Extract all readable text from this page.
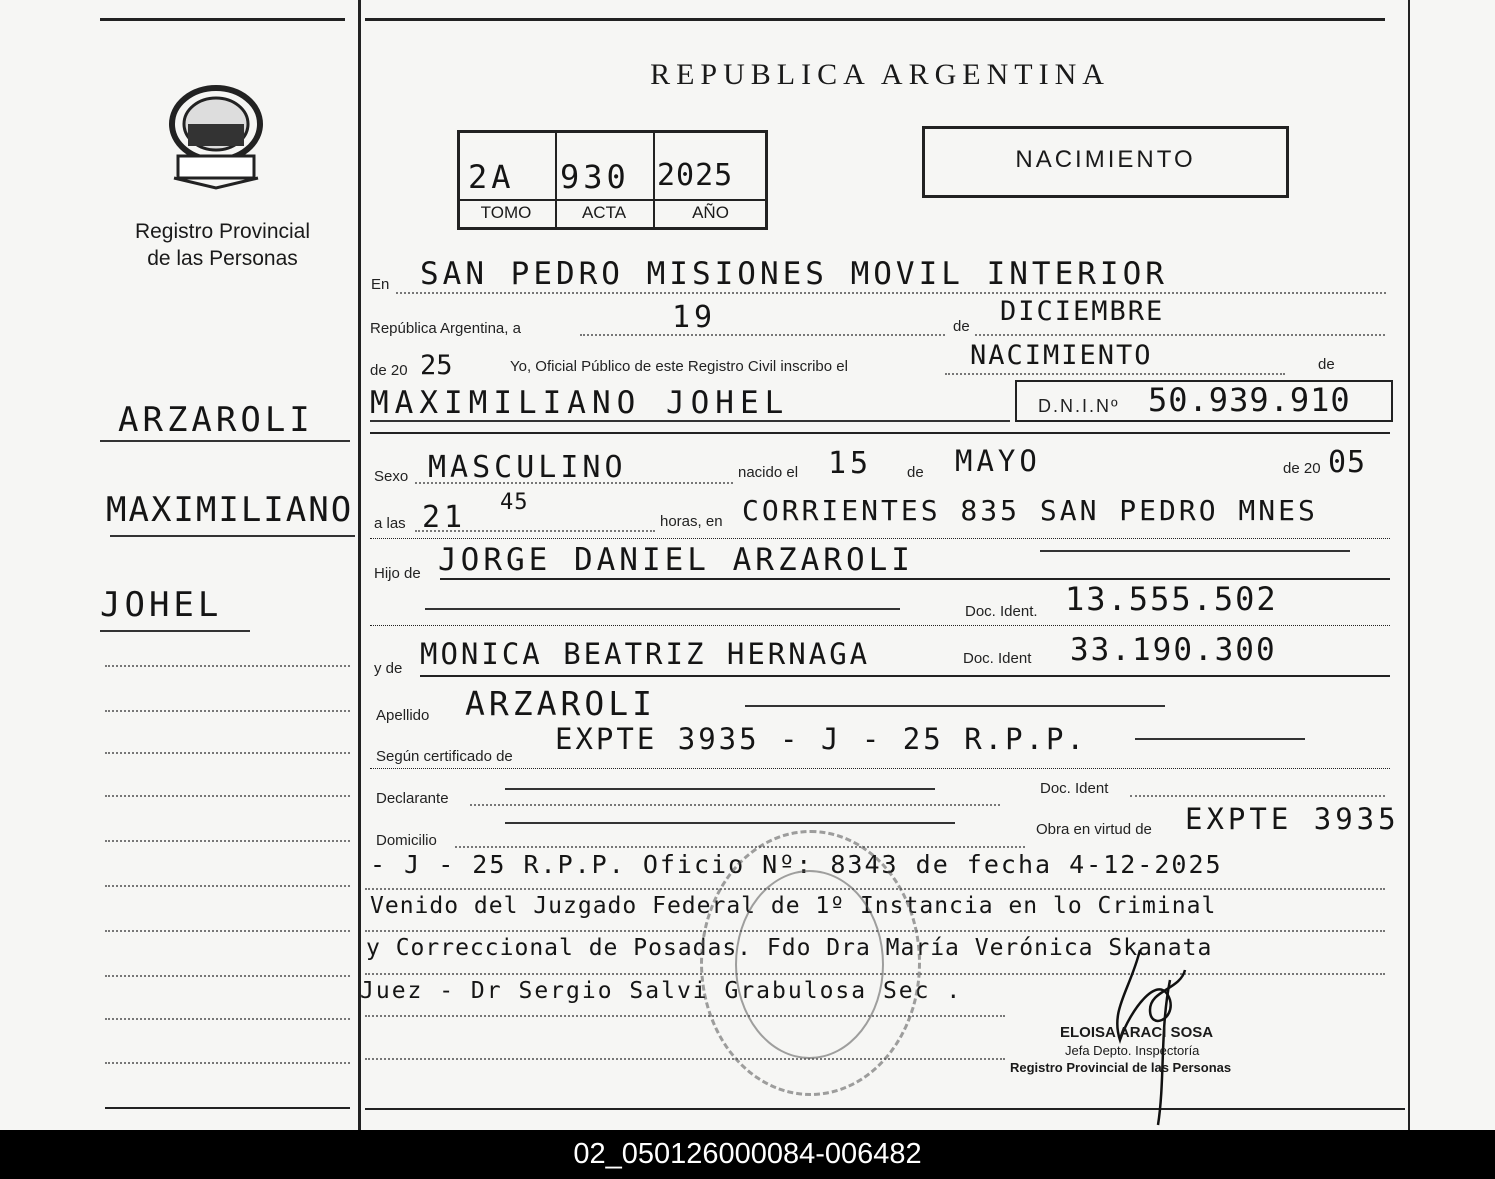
Registro Provincial
de las Personas
REPUBLICA ARGENTINA
2A 930 2025
TOMO	ACTA	AÑO
NACIMIENTO
ARZAROLI
MAXIMILIANO
JOHEL
En SAN PEDRO MISIONES MOVIL INTERIOR
República Argentina, a	19	de DICIEMBRE
de 20 25	Yo, Oficial Público de este Registro Civil inscribo el	NACIMIENTO	de
MAXIMILIANO JOHEL	D.N.I.Nº 50.939.910
Sexo MASCULINO	nacido el 15 de MAYO	de 20 05
a las 21 45
horas, en CORRIENTES 835 SAN PEDRO MNES
Hijo de JORGE DANIEL ARZAROLI
Doc. Ident. 13.555.502
y de MONICA BEATRIZ HERNAGA	Doc. Ident 33.190.300
Apellido ARZAROLI
Según certificado de
EXPTE 3935 - J - 25 R.P.P.
Declarante
Doc. Ident
Domicilio
Obra en virtud de EXPTE 3935
- J - 25 R.P.P. Oficio Nº: 8343 de fecha 4-12-2025
Venido del Juzgado Federal de 1º Instancia en lo Criminal
y Correccional de Posadas. Fdo Dra María Verónica Skanata
Juez - Dr Sergio Salvi Grabulosa Sec .
ELOISA ARACI SOSA
Jefa Depto. Inspectoría
Registro Provincial de las Personas
02_050126000084-006482
